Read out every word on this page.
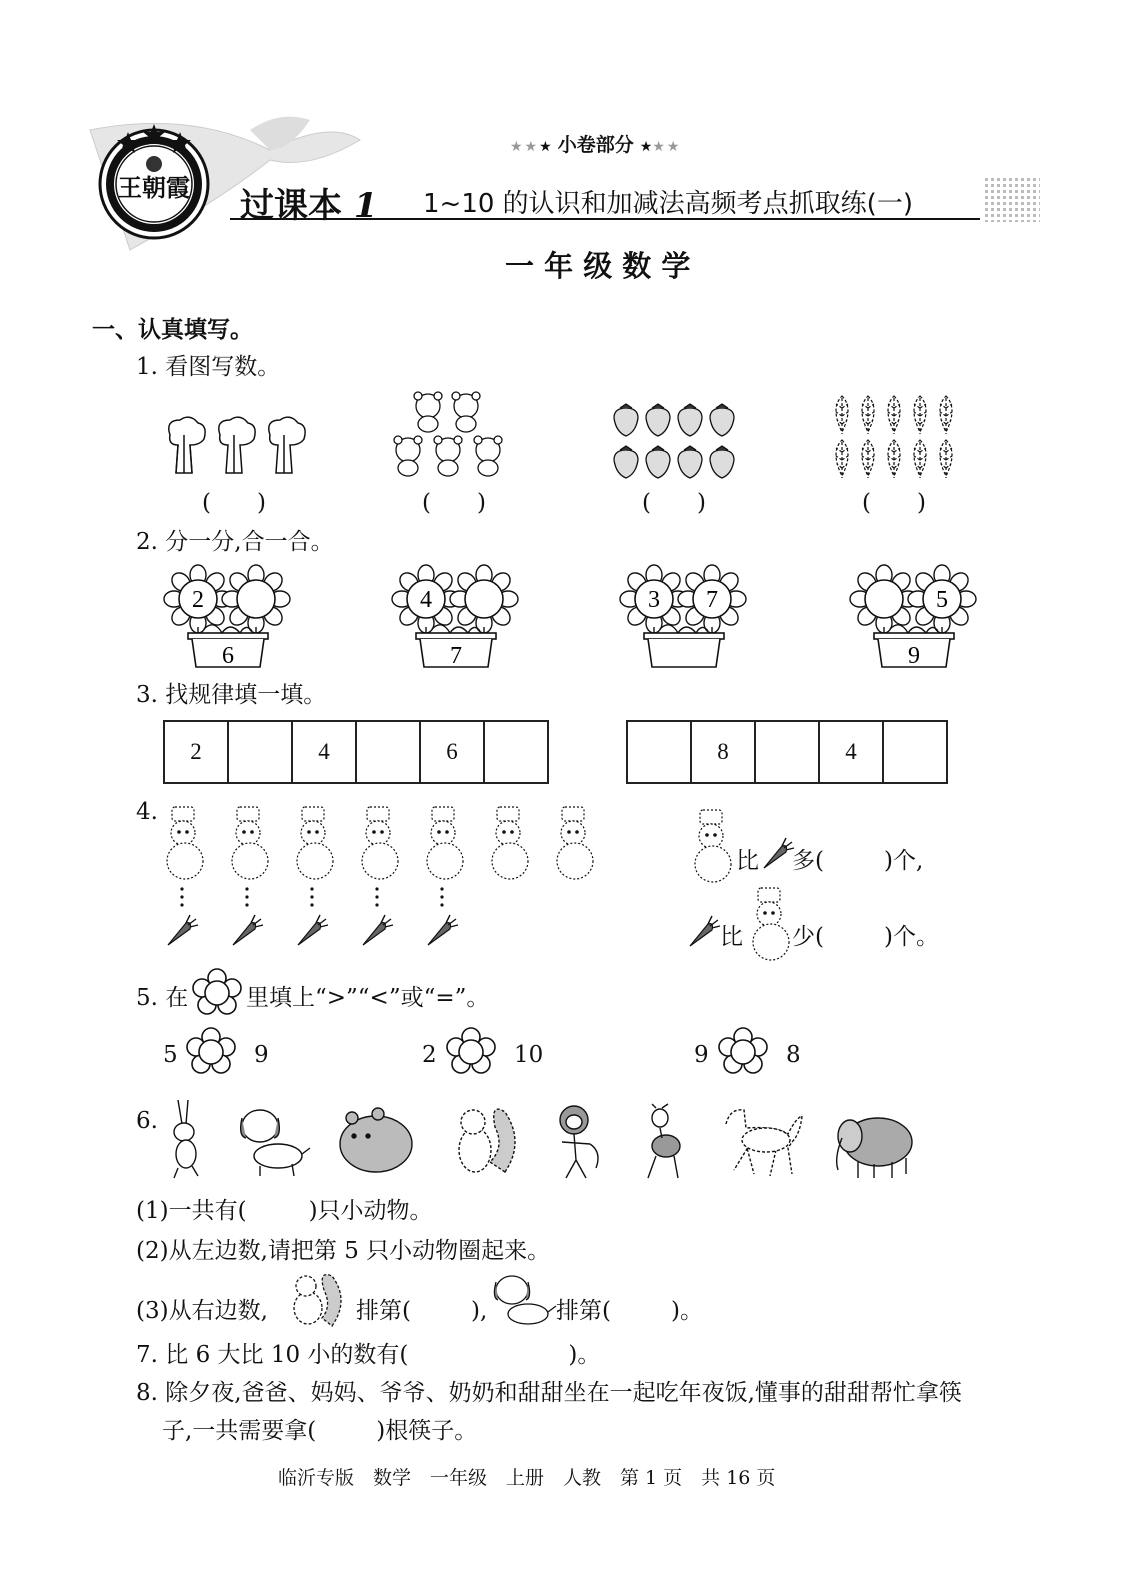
王朝霞
★★★ 小卷部分 ★★★
过课本 1 1~10 的认识和加减法高频考点抓取练(一)
一 年 级 数 学
一、认真填写。
1. 看图写数。
(　　)	(　　)	(　　)	(　　)
2. 分一分,合一合。
2
6
4
7
3 7	5
9
3. 找规律填一填。
2		4		6	
		8		4	
4.
比 多(	)个,
比 少(	)个。
5. 在	里填上“>”“<”或“=”。
5	9	2	10	9	8
6.
(1)一共有(	)只小动物。
(2)从左边数,请把第 5 只小动物圈起来。
(3)从右边数,	排第(	),	排第(	)。
7. 比 6 大比 10 小的数有(	)。
8. 除夕夜,爸爸、妈妈、爷爷、奶奶和甜甜坐在一起吃年夜饭,懂事的甜甜帮忙拿筷
子,一共需要拿(	)根筷子。
临沂专版　数学　一年级　上册　人教　第 1 页　共 16 页
